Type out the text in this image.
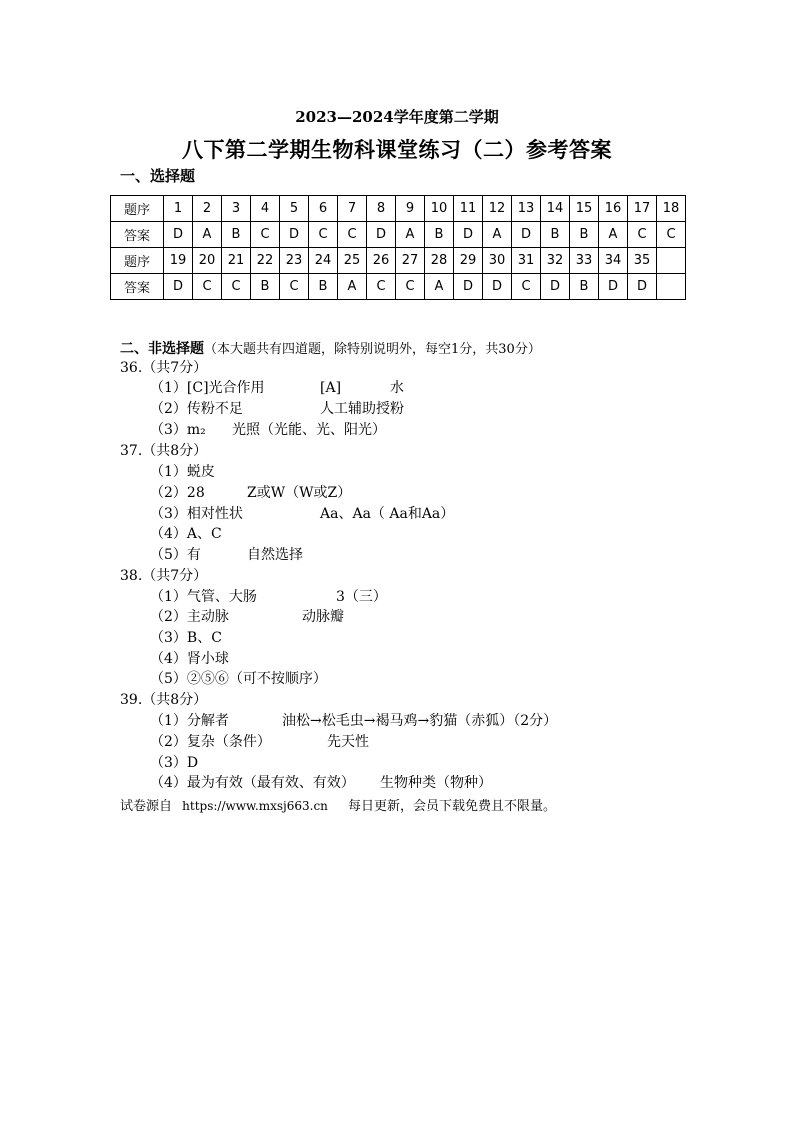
2023—2024学年度第二学期
八下第二学期生物科课堂练习（二）参考答案
一、选择题
题序	1	2	3	4	5	6	7	8	9	10	11	12	13	14	15	16	17	18
答案	D	A	B	C	D	C	C	D	A	B	D	A	D	B	B	A	C	C
题序	19	20	21	22	23	24	25	26	27	28	29	30	31	32	33	34	35	
答案	D	C	C	B	C	B	A	C	C	A	D	D	C	D	B	D	D	
二、非选择题（本大题共有四道题，除特别说明外，每空1分，共30分）
36.（共7分）
（1）[C]光合作用	[A]	水
（2）传粉不足	人工辅助授粉
（3）m₂ 光照（光能、光、阳光）
37.（共8分）
（1）蜕皮
（2）28	Z或W（W或Z）
（3）相对性状	Aa、Aa（ Aa和Aa）
（4）A、C
（5）有	自然选择
38.（共7分）
（1）气管、大肠	3（三）
（2）主动脉	动脉瓣
（3）B、C
（4）肾小球
（5）②⑤⑥（可不按顺序）
39.（共8分）
（1）分解者	油松→松毛虫→褐马鸡→豹猫（赤狐）（2分）
（2）复杂（条件）	先天性
（3）D
（4）最为有效（最有效、有效） 生物种类（物种）
试卷源自 https://www.mxsj663.cn 每日更新，会员下载免费且不限量。
